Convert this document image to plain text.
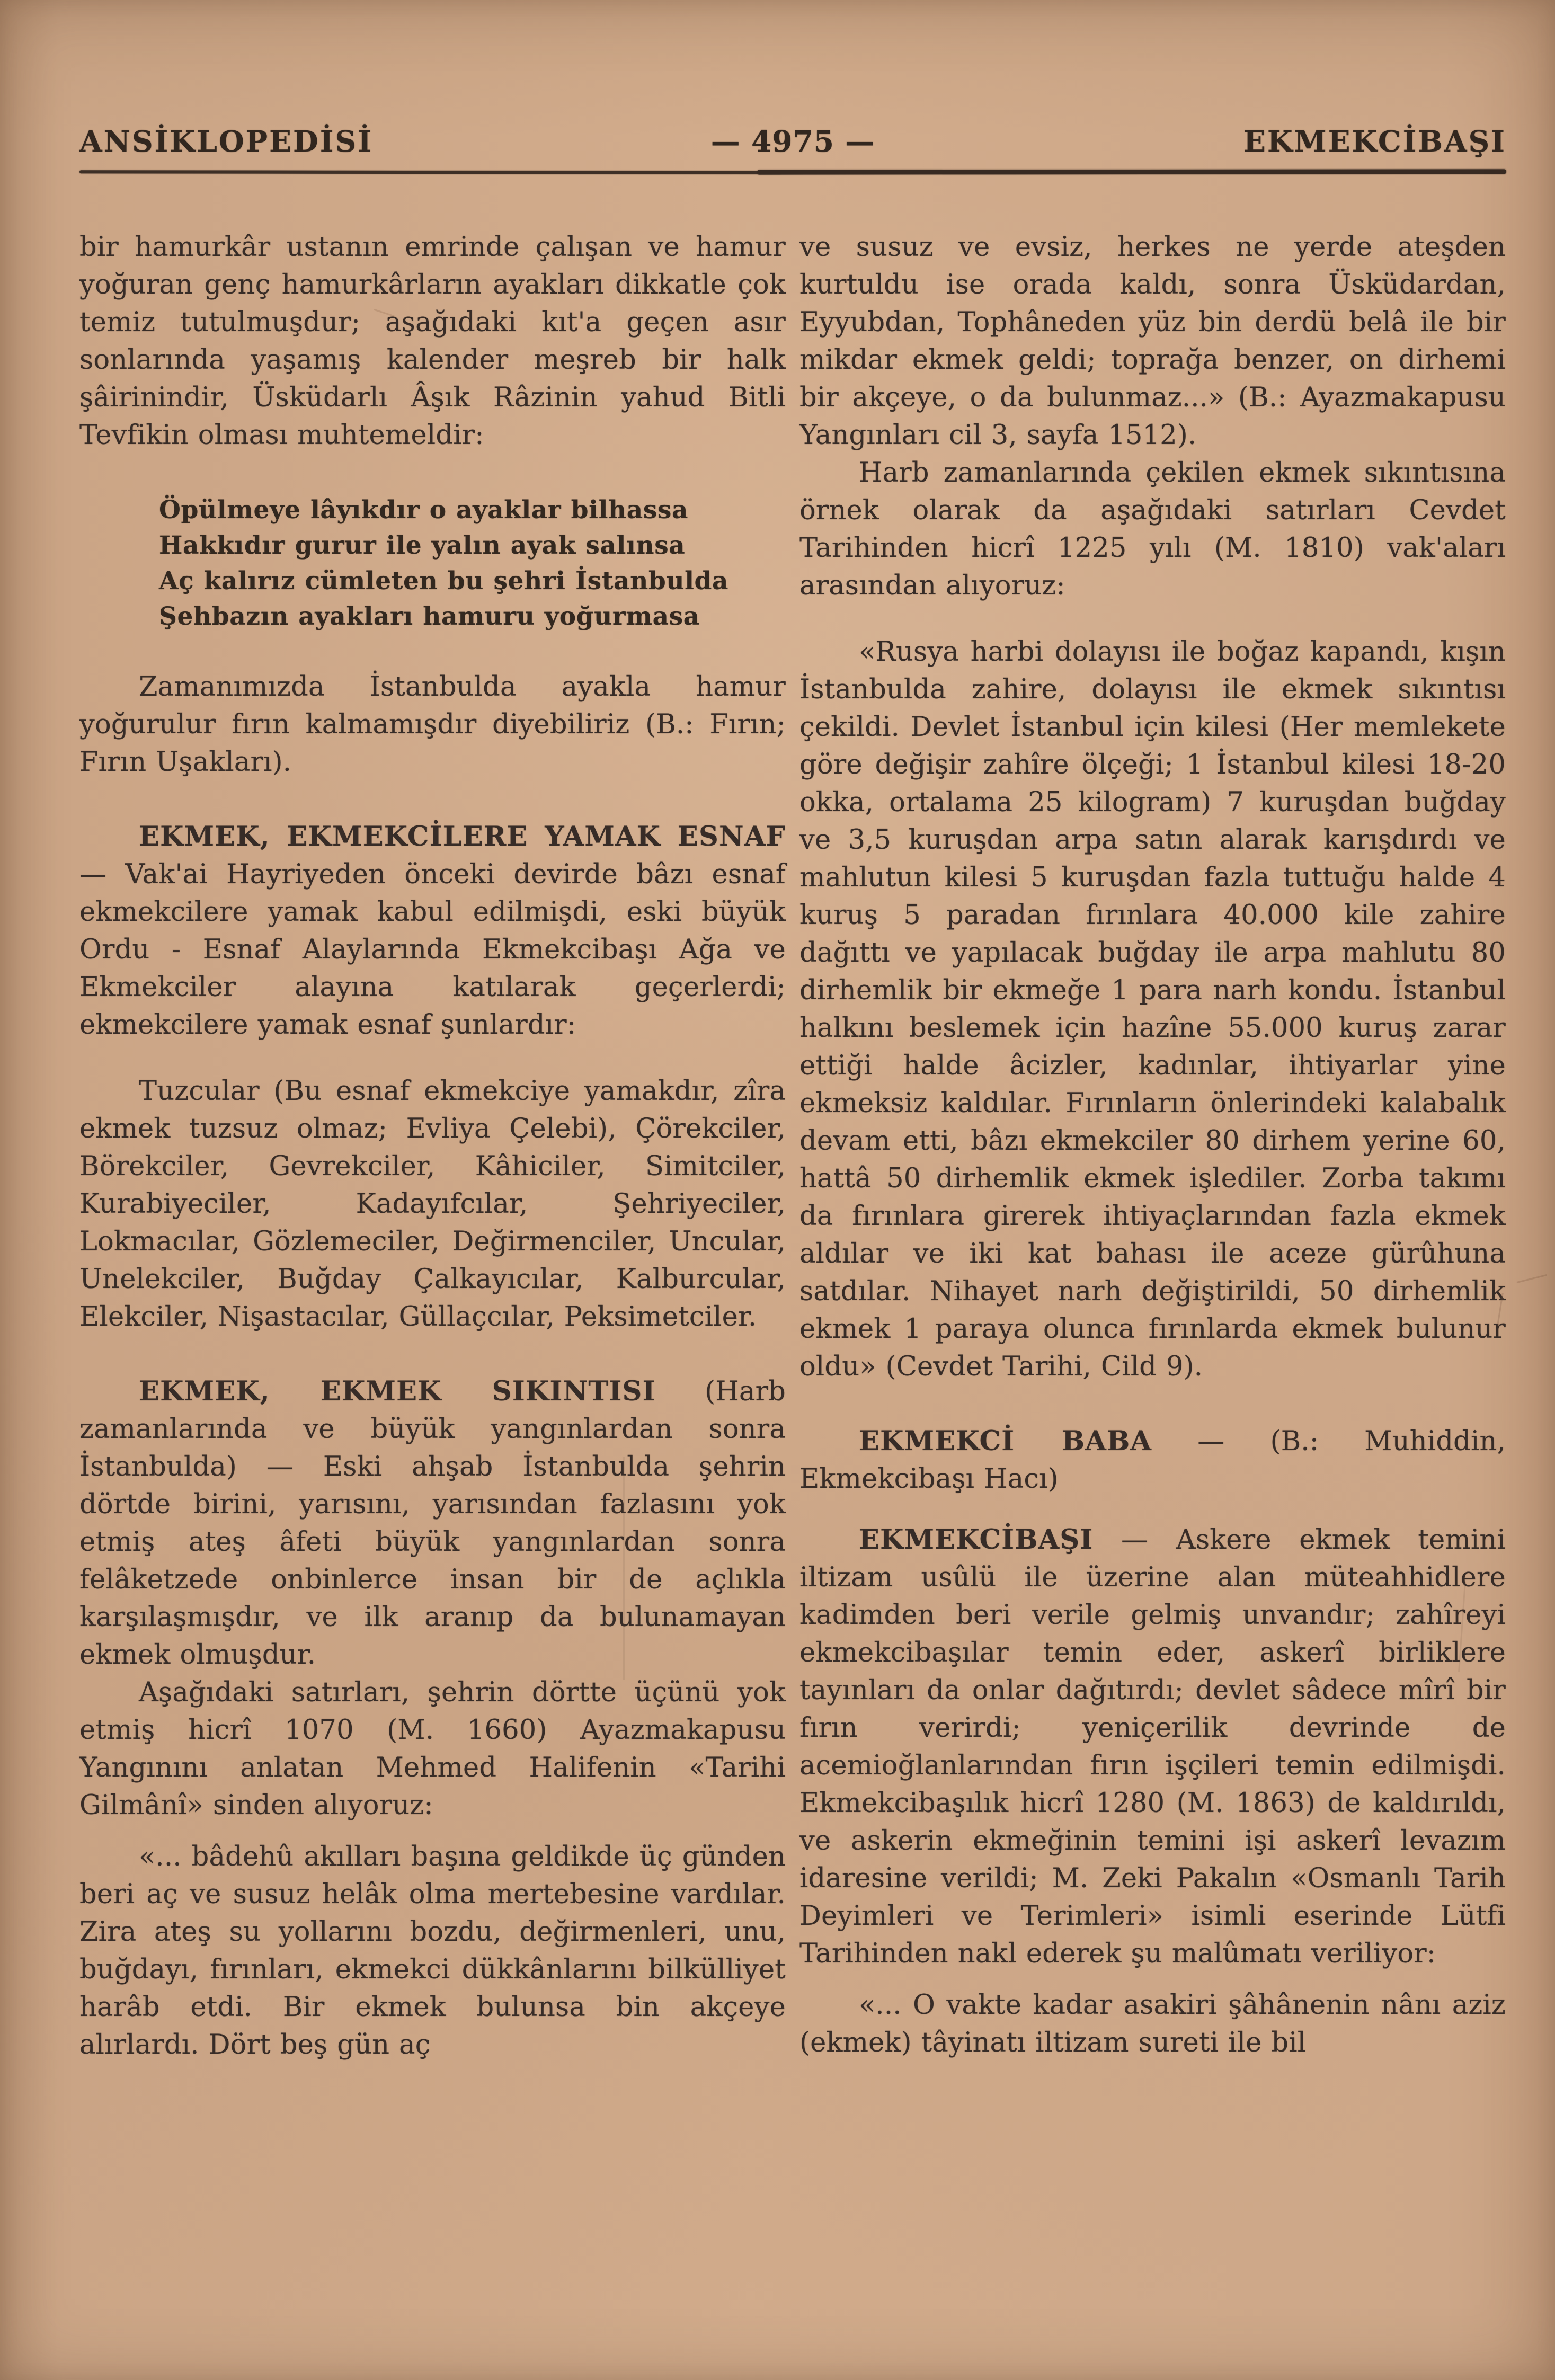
ANSİKLOPEDİSİ	— 4975 —	EKMEKCİBAŞI

bir hamurkâr ustanın emrinde çalışan ve hamur yoğuran genç hamurkârların ayakları dikkatle çok temiz tutulmuşdur; aşağıdaki kıt'a geçen asır sonlarında yaşamış kalender meşreb bir halk şâirinindir, Üsküdarlı Âşık Râzinin yahud Bitli Tevfikin olması muhtemeldir:

Öpülmeye lâyıkdır o ayaklar bilhassa
Hakkıdır gurur ile yalın ayak salınsa
Aç kalırız cümleten bu şehri İstanbulda
Şehbazın ayakları hamuru yoğurmasa

Zamanımızda İstanbulda ayakla hamur yoğurulur fırın kalmamışdır diyebiliriz (B.: Fırın; Fırın Uşakları).

EKMEK, EKMEKCİLERE YAMAK ESNAF — Vak'ai Hayriyeden önceki devirde bâzı esnaf ekmekcilere yamak kabul edilmişdi, eski büyük Ordu - Esnaf Alaylarında Ekmekcibaşı Ağa ve Ekmekciler alayına katılarak geçerlerdi; ekmekcilere yamak esnaf şunlardır:

Tuzcular (Bu esnaf ekmekciye yamakdır, zîra ekmek tuzsuz olmaz; Evliya Çelebi), Çörekciler, Börekciler, Gevrekciler, Kâhiciler, Simitciler, Kurabiyeciler, Kadayıfcılar, Şehriyeciler, Lokmacılar, Gözlemeciler, Değirmenciler, Uncular, Unelekciler, Buğday Çalkayıcılar, Kalburcular, Elekciler, Nişastacılar, Güllaçcılar, Peksimetciler.

EKMEK, EKMEK SIKINTISI (Harb zamanlarında ve büyük yangınlardan sonra İstanbulda) — Eski ahşab İstanbulda şehrin dörtde birini, yarısını, yarısından fazlasını yok etmiş ateş âfeti büyük yangınlardan sonra felâketzede onbinlerce insan bir de açlıkla karşılaşmışdır, ve ilk aranıp da bulunamayan ekmek olmuşdur.

Aşağıdaki satırları, şehrin dörtte üçünü yok etmiş hicrî 1070 (M. 1660) Ayazmakapusu Yangınını anlatan Mehmed Halifenin «Tarihi Gilmânî» sinden alıyoruz:

«... bâdehû akılları başına geldikde üç günden beri aç ve susuz helâk olma mertebesine vardılar. Zira ateş su yollarını bozdu, değirmenleri, unu, buğdayı, fırınları, ekmekci dükkânlarını bilkülliyet harâb etdi. Bir ekmek bulunsa bin akçeye alırlardı. Dört beş gün aç

ve susuz ve evsiz, herkes ne yerde ateşden kurtuldu ise orada kaldı, sonra Üsküdardan, Eyyubdan, Tophâneden yüz bin derdü belâ ile bir mikdar ekmek geldi; toprağa benzer, on dirhemi bir akçeye, o da bulunmaz...» (B.: Ayazmakapusu Yangınları cil 3, sayfa 1512).

Harb zamanlarında çekilen ekmek sıkıntısına örnek olarak da aşağıdaki satırları Cevdet Tarihinden hicrî 1225 yılı (M. 1810) vak'aları arasından alıyoruz:

«Rusya harbi dolayısı ile boğaz kapandı, kışın İstanbulda zahire, dolayısı ile ekmek sıkıntısı çekildi. Devlet İstanbul için kilesi (Her memlekete göre değişir zahîre ölçeği; 1 İstanbul kilesi 18-20 okka, ortalama 25 kilogram) 7 kuruşdan buğday ve 3,5 kuruşdan arpa satın alarak karışdırdı ve mahlutun kilesi 5 kuruşdan fazla tuttuğu halde 4 kuruş 5 paradan fırınlara 40.000 kile zahire dağıttı ve yapılacak buğday ile arpa mahlutu 80 dirhemlik bir ekmeğe 1 para narh kondu. İstanbul halkını beslemek için hazîne 55.000 kuruş zarar ettiği halde âcizler, kadınlar, ihtiyarlar yine ekmeksiz kaldılar. Fırınların önlerindeki kalabalık devam etti, bâzı ekmekciler 80 dirhem yerine 60, hattâ 50 dirhemlik ekmek işlediler. Zorba takımı da fırınlara girerek ihtiyaçlarından fazla ekmek aldılar ve iki kat bahası ile aceze gürûhuna satdılar. Nihayet narh değiştirildi, 50 dirhemlik ekmek 1 paraya olunca fırınlarda ekmek bulunur oldu» (Cevdet Tarihi, Cild 9).

EKMEKCİ BABA — (B.: Muhiddin, Ekmekcibaşı Hacı)

EKMEKCİBAŞI — Askere ekmek temini iltizam usûlü ile üzerine alan müteahhidlere kadimden beri verile gelmiş unvandır; zahîreyi ekmekcibaşılar temin eder, askerî birliklere tayınları da onlar dağıtırdı; devlet sâdece mîrî bir fırın verirdi; yeniçerilik devrinde de acemioğlanlarından fırın işçileri temin edilmişdi. Ekmekcibaşılık hicrî 1280 (M. 1863) de kaldırıldı, ve askerin ekmeğinin temini işi askerî levazım idaresine verildi; M. Zeki Pakalın «Osmanlı Tarih Deyimleri ve Terimleri» isimli eserinde Lütfi Tarihinden nakl ederek şu malûmatı veriliyor:

«... O vakte kadar asakiri şâhânenin nânı aziz (ekmek) tâyinatı iltizam sureti ile bil
